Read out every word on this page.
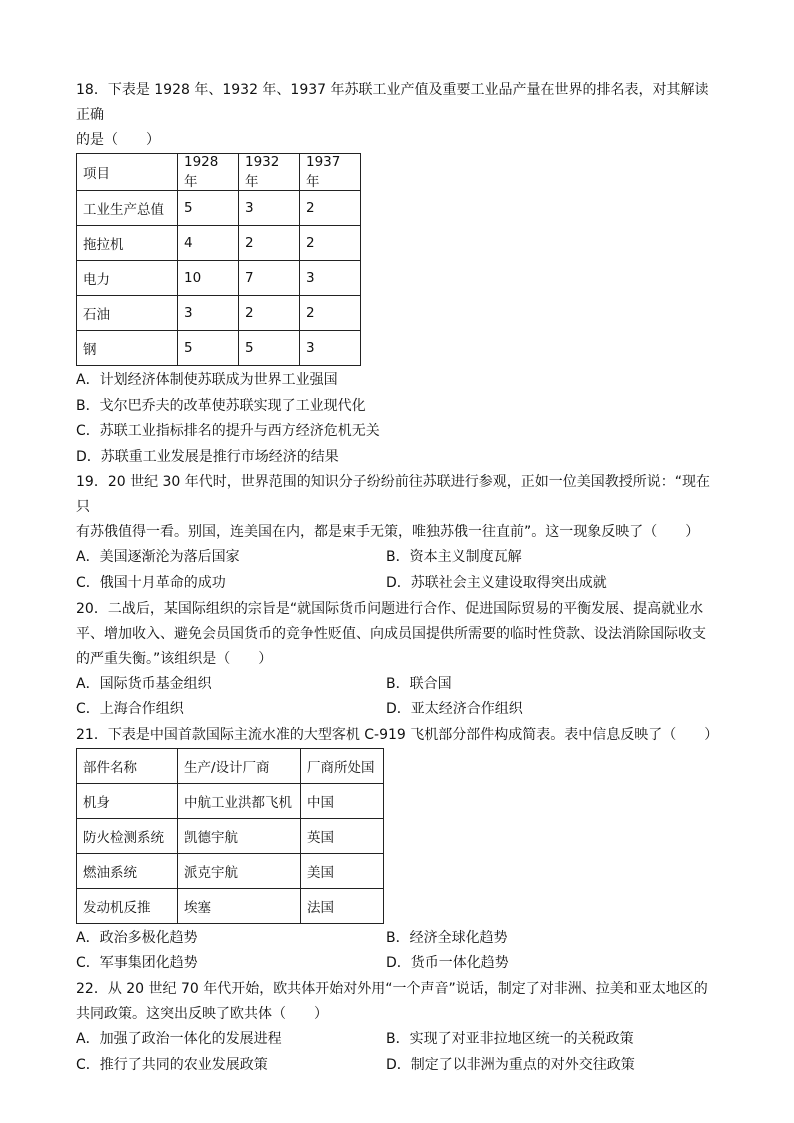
18．下表是 1928 年、1932 年、1937 年苏联工业产值及重要工业品产量在世界的排名表，对其解读正确

的是（　　）

项目	1928 年	1932 年	1937 年
工业生产总值	5	3	2
拖拉机	4	2	2
电力	10	7	3
石油	3	2	2
钢	5	5	3

A．计划经济体制使苏联成为世界工业强国

B．戈尔巴乔夫的改革使苏联实现了工业现代化

C．苏联工业指标排名的提升与西方经济危机无关

D．苏联重工业发展是推行市场经济的结果

19．20 世纪 30 年代时，世界范围的知识分子纷纷前往苏联进行参观，正如一位美国教授所说：“现在只

有苏俄值得一看。别国，连美国在内，都是束手无策，唯独苏俄一往直前”。这一现象反映了（　　）

A．美国逐渐沦为落后国家	B．资本主义制度瓦解
C．俄国十月革命的成功	D．苏联社会主义建设取得突出成就

20．二战后，某国际组织的宗旨是“就国际货币问题进行合作、促进国际贸易的平衡发展、提高就业水

平、增加收入、避免会员国货币的竞争性贬值、向成员国提供所需要的临时性贷款、设法消除国际收支

的严重失衡。”该组织是（　　）

A．国际货币基金组织	B．联合国
C．上海合作组织	D．亚太经济合作组织

21．下表是中国首款国际主流水准的大型客机 C-919 飞机部分部件构成简表。表中信息反映了（　　）

部件名称	生产/设计厂商	厂商所处国
机身	中航工业洪都飞机	中国
防火检测系统	凯德宇航	英国
燃油系统	派克宇航	美国
发动机反推	埃塞	法国
A．政治多极化趋势	B．经济全球化趋势
C．军事集团化趋势	D．货币一体化趋势

22．从 20 世纪 70 年代开始，欧共体开始对外用“一个声音”说话，制定了对非洲、拉美和亚太地区的

共同政策。这突出反映了欧共体（　　）

A．加强了政治一体化的发展进程	B．实现了对亚非拉地区统一的关税政策
C．推行了共同的农业发展政策	D．制定了以非洲为重点的对外交往政策
